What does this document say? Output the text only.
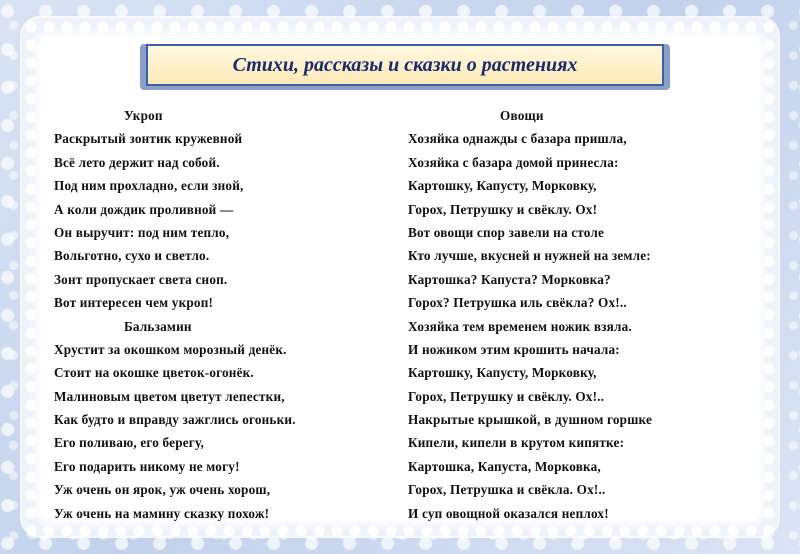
Стихи, рассказы и сказки о растениях
Укроп
Раскрытый зонтик кружевной
Всё лето держит над собой.
Под ним прохладно, если зной,
А коли дождик проливной —
Он выручит: под ним тепло,
Вольготно, сухо и светло.
Зонт пропускает света сноп.
Вот интересен чем укроп!
Бальзамин
Хрустит за окошком морозный денёк.
Стоит на окошке цветок-огонёк.
Малиновым цветом цветут лепестки,
Как будто и вправду зажглись огоньки.
Его поливаю, его берегу,
Его подарить никому не могу!
Уж очень он ярок, уж очень хорош,
Уж очень на мамину сказку похож!
Овощи
Хозяйка однажды с базара пришла,
Хозяйка с базара домой принесла:
Картошку, Капусту, Морковку,
Горох, Петрушку и свёклу. Ох!
Вот овощи спор завели на столе
Кто лучше, вкусней и нужней на земле:
Картошка? Капуста? Морковка?
Горох? Петрушка иль свёкла? Ох!..
Хозяйка тем временем ножик взяла.
И ножиком этим крошить начала:
Картошку, Капусту, Морковку,
Горох, Петрушку и свёклу. Ох!..
Накрытые крышкой, в душном горшке
Кипели, кипели в крутом кипятке:
Картошка, Капуста, Морковка,
Горох, Петрушка и свёкла. Ох!..
И суп овощной оказался неплох!
